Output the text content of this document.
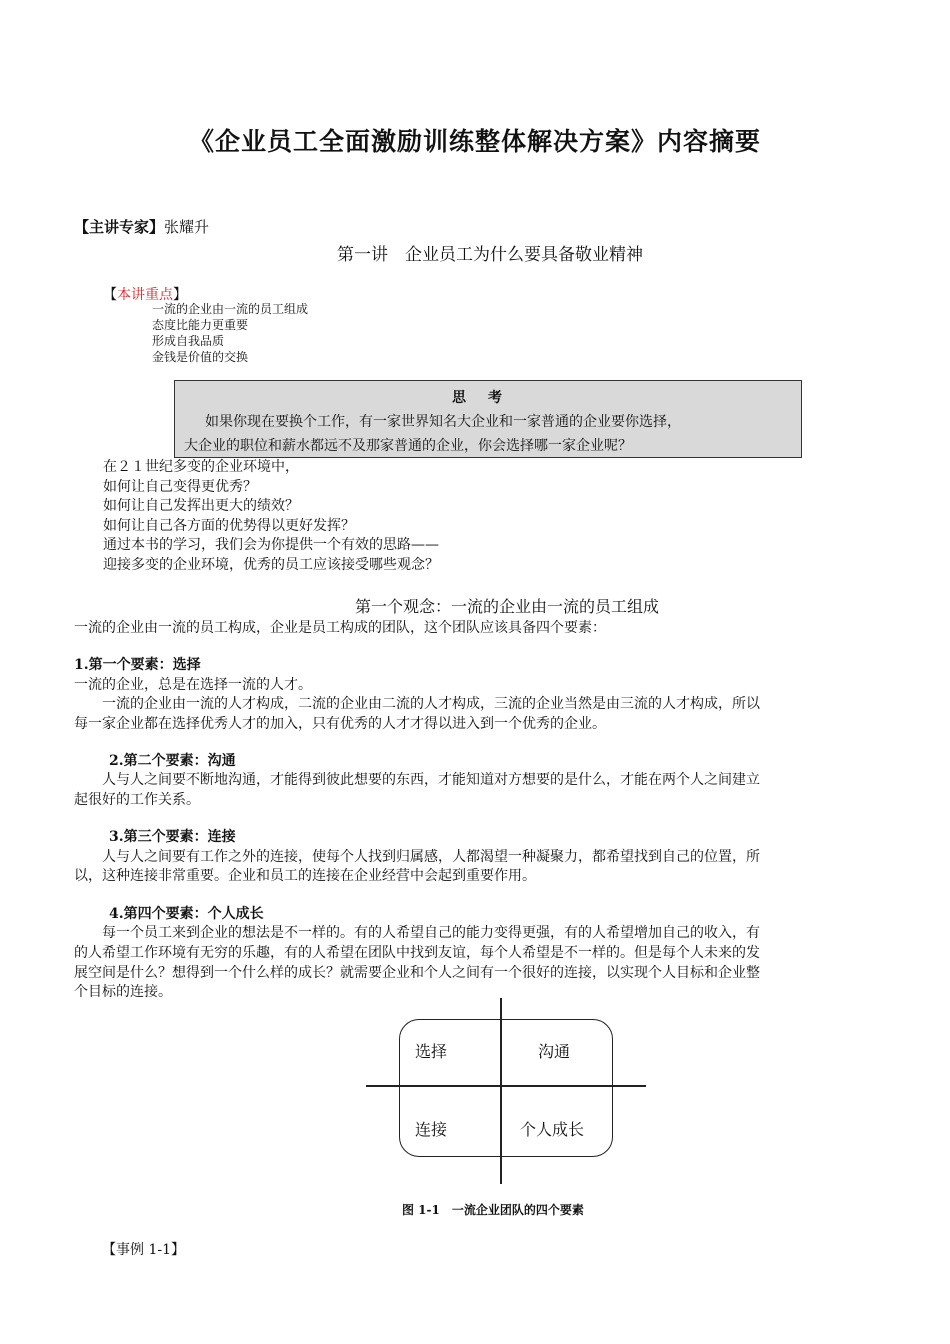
《企业员工全面激励训练整体解决方案》内容摘要
【主讲专家】张耀升
第一讲　企业员工为什么要具备敬业精神
【本讲重点】
一流的企业由一流的员工组成
态度比能力更重要
形成自我品质
金钱是价值的交换
思考
如果你现在要换个工作，有一家世界知名大企业和一家普通的企业要你选择，
大企业的职位和薪水都远不及那家普通的企业，你会选择哪一家企业呢？
在２１世纪多变的企业环境中，
如何让自己变得更优秀？
如何让自己发挥出更大的绩效？
如何让自己各方面的优势得以更好发挥？
通过本书的学习，我们会为你提供一个有效的思路——
迎接多变的企业环境，优秀的员工应该接受哪些观念？
第一个观念：一流的企业由一流的员工组成
一流的企业由一流的员工构成，企业是员工构成的团队，这个团队应该具备四个要素：
1.第一个要素：选择
一流的企业，总是在选择一流的人才。
一流的企业由一流的人才构成，二流的企业由二流的人才构成，三流的企业当然是由三流的人才构成，所以
每一家企业都在选择优秀人才的加入，只有优秀的人才才得以进入到一个优秀的企业。
2.第二个要素：沟通
人与人之间要不断地沟通，才能得到彼此想要的东西，才能知道对方想要的是什么，才能在两个人之间建立
起很好的工作关系。
3.第三个要素：连接
人与人之间要有工作之外的连接，使每个人找到归属感，人都渴望一种凝聚力，都希望找到自己的位置，所
以，这种连接非常重要。企业和员工的连接在企业经营中会起到重要作用。
4.第四个要素：个人成长
每一个员工来到企业的想法是不一样的。有的人希望自己的能力变得更强，有的人希望增加自己的收入，有
的人希望工作环境有无穷的乐趣，有的人希望在团队中找到友谊，每个人希望是不一样的。但是每个人未来的发
展空间是什么？想得到一个什么样的成长？就需要企业和个人之间有一个很好的连接，以实现个人目标和企业整
个目标的连接。
选择	沟通
连接	个人成长
图 1-1　一流企业团队的四个要素
【事例 1-1】
